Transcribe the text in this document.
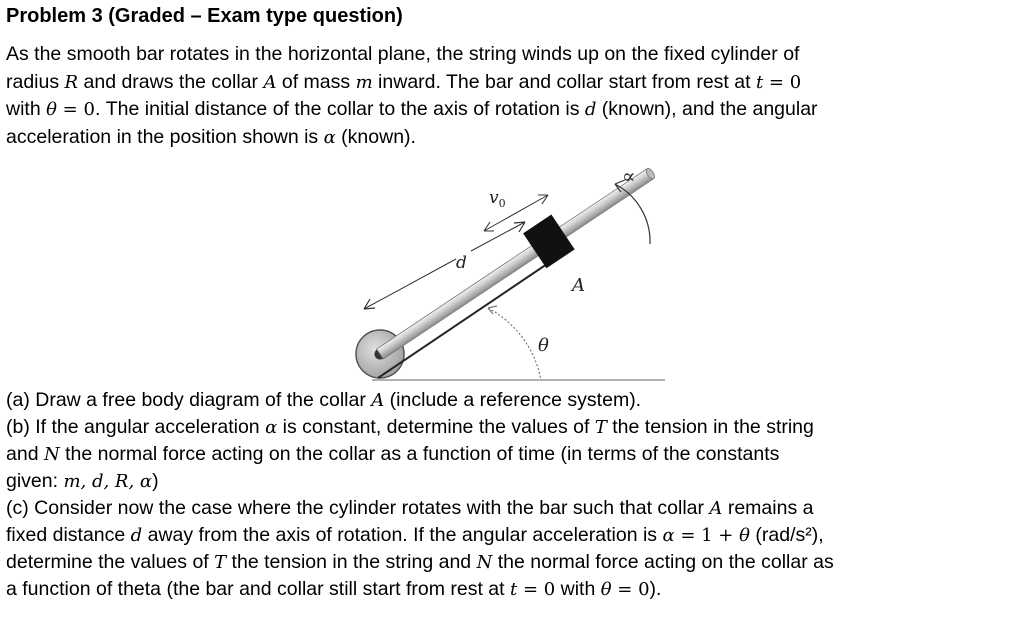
Problem 3 (Graded – Exam type question)

As the smooth bar rotates in the horizontal plane, the string winds up on the fixed cylinder of

radius R and draws the collar A of mass m inward. The bar and collar start from rest at t = 0

with θ = 0. The initial distance of the collar to the axis of rotation is d (known), and the angular

acceleration in the position shown is α (known).

d
$v_0$
A
θ
∝

(a) Draw a free body diagram of the collar A (include a reference system).

(b) If the angular acceleration α is constant, determine the values of T the tension in the string

and N the normal force acting on the collar as a function of time (in terms of the constants

given: m, d, R, α)

(c) Consider now the case where the cylinder rotates with the bar such that collar A remains a

fixed distance d away from the axis of rotation. If the angular acceleration is α = 1 + θ (rad/s²),

determine the values of T the tension in the string and N the normal force acting on the collar as

a function of theta (the bar and collar still start from rest at t = 0 with θ = 0).
